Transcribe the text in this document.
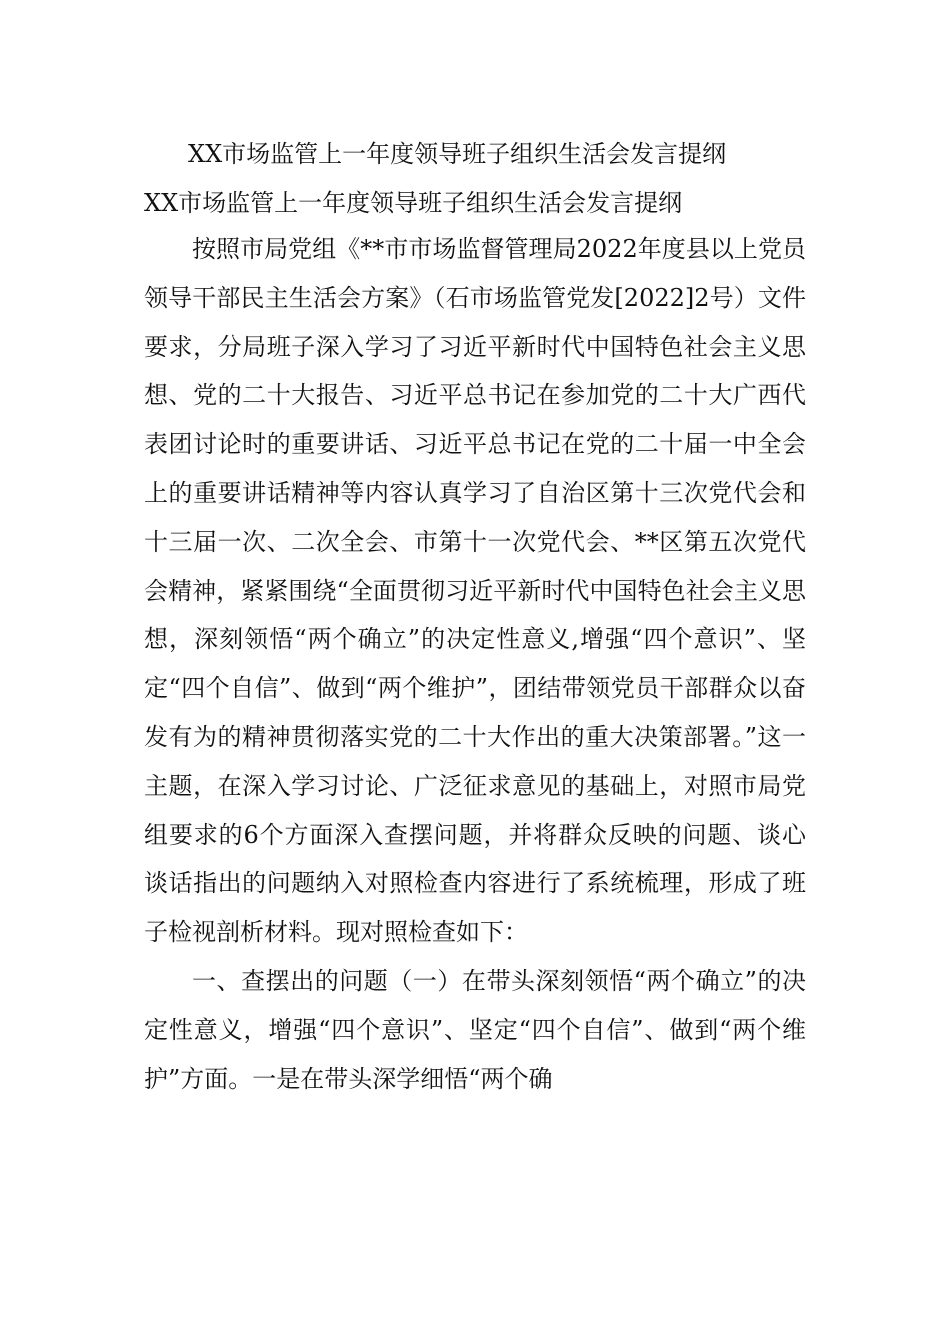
XX市场监管上一年度领导班子组织生活会发言提纲
XX市场监管上一年度领导班子组织生活会发言提纲

按照市局党组《**市市场监督管理局2022年度县以上党员领导干部民主生活会方案》（石市场监管党发[2022]2号）文件要求，分局班子深入学习了习近平新时代中国特色社会主义思想、党的二十大报告、习近平总书记在参加党的二十大广西代表团讨论时的重要讲话、习近平总书记在党的二十届一中全会上的重要讲话精神等内容认真学习了自治区第十三次党代会和十三届一次、二次全会、市第十一次党代会、**区第五次党代会精神，紧紧围绕“全面贯彻习近平新时代中国特色社会主义思想，深刻领悟“两个确立”的决定性意义,增强“四个意识”、坚定“四个自信”、做到“两个维护”，团结带领党员干部群众以奋发有为的精神贯彻落实党的二十大作出的重大决策部署。”这一主题，在深入学习讨论、广泛征求意见的基础上，对照市局党组要求的6个方面深入查摆问题，并将群众反映的问题、谈心谈话指出的问题纳入对照检查内容进行了系统梳理，形成了班子检视剖析材料。现对照检查如下：

一、查摆出的问题（一）在带头深刻领悟“两个确立”的决定性意义，增强“四个意识”、坚定“四个自信”、做到“两个维护”方面。一是在带头深学细悟“两个确
